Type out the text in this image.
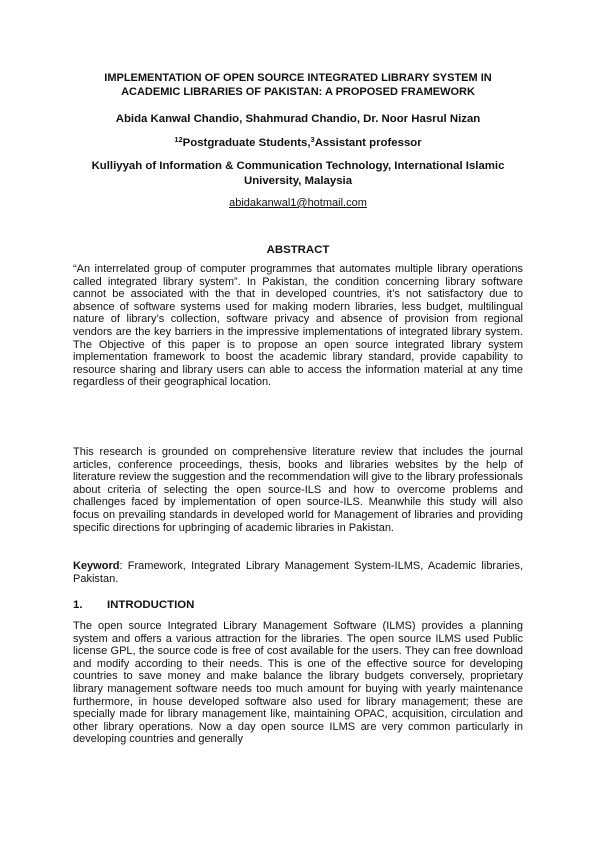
IMPLEMENTATION OF OPEN SOURCE INTEGRATED LIBRARY SYSTEM IN ACADEMIC LIBRARIES OF PAKISTAN: A PROPOSED FRAMEWORK
Abida Kanwal Chandio, Shahmurad Chandio, Dr. Noor Hasrul Nizan
$^{12}$Postgraduate Students,$^3$Assistant professor
Kulliyyah of Information & Communication Technology, International Islamic University, Malaysia
abidakanwal1@hotmail.com
ABSTRACT
“An interrelated group of computer programmes that automates multiple library operations called integrated library system”. In Pakistan, the condition concerning library software cannot be associated with the that in developed countries, it’s not satisfactory due to absence of software systems used for making modern libraries, less budget, multilingual nature of library’s collection, software privacy and absence of provision from regional vendors are the key barriers in the impressive implementations of integrated library system. The Objective of this paper is to propose an open source integrated library system implementation framework to boost the academic library standard, provide capability to resource sharing and library users can able to access the information material at any time regardless of their geographical location.
This research is grounded on comprehensive literature review that includes the journal articles, conference proceedings, thesis, books and libraries websites by the help of literature review the suggestion and the recommendation will give to the library professionals about criteria of selecting the open source-ILS and how to overcome problems and challenges faced by implementation of open source-ILS. Meanwhile this study will also focus on prevailing standards in developed world for Management of libraries and providing specific directions for upbringing of academic libraries in Pakistan.
Keyword: Framework, Integrated Library Management System-ILMS, Academic libraries, Pakistan.
1. INTRODUCTION
The open source Integrated Library Management Software (ILMS) provides a planning system and offers a various attraction for the libraries. The open source ILMS used Public license GPL, the source code is free of cost available for the users. They can free download and modify according to their needs. This is one of the effective source for developing countries to save money and make balance the library budgets conversely, proprietary library management software needs too much amount for buying with yearly maintenance furthermore, in house developed software also used for library management; these are specially made for library management like, maintaining OPAC, acquisition, circulation and other library operations. Now a day open source ILMS are very common particularly in developing countries and generally
